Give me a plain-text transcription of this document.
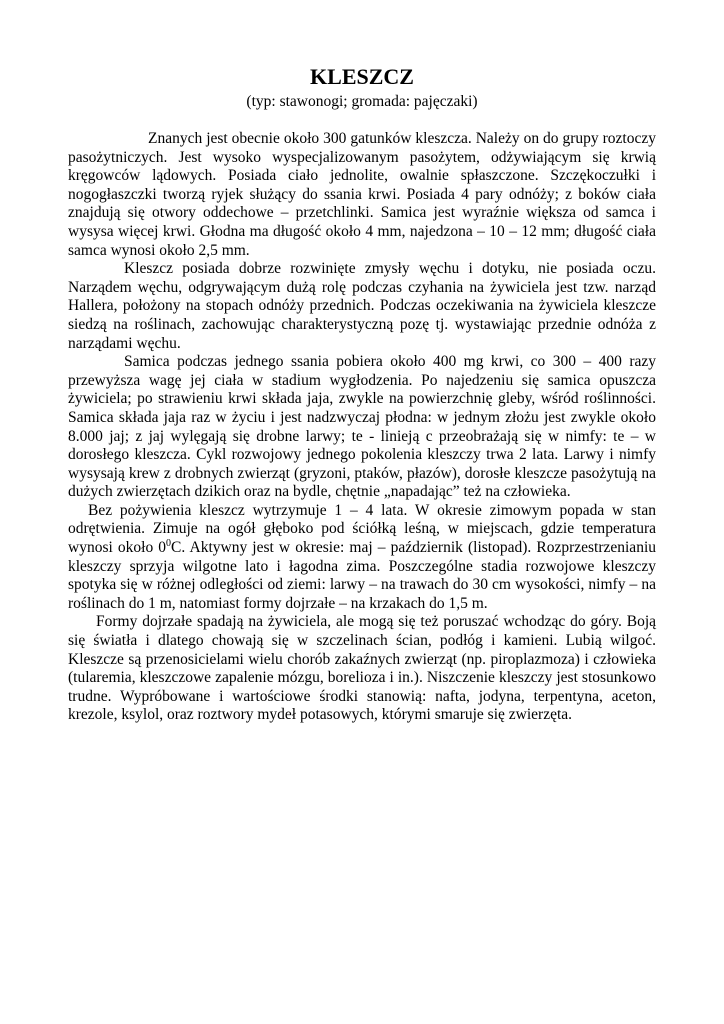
KLESZCZ
(typ: stawonogi; gromada: pajęczaki)

Znanych jest obecnie około 300 gatunków kleszcza. Należy on do grupy roztoczy pasożytniczych. Jest wysoko wyspecjalizowanym pasożytem, odżywiającym się krwią kręgowców lądowych. Posiada ciało jednolite, owalnie spłaszczone. Szczękoczułki i nogogłaszczki tworzą ryjek służący do ssania krwi. Posiada 4 pary odnóży; z boków ciała znajdują się otwory oddechowe – przetchlinki. Samica jest wyraźnie większa od samca i wysysa więcej krwi. Głodna ma długość około 4 mm, najedzona – 10 – 12 mm; długość ciała samca wynosi około 2,5 mm.

Kleszcz posiada dobrze rozwinięte zmysły węchu i dotyku, nie posiada oczu. Narządem węchu, odgrywającym dużą rolę podczas czyhania na żywiciela jest tzw. narząd Hallera, położony na stopach odnóży przednich. Podczas oczekiwania na żywiciela kleszcze siedzą na roślinach, zachowując charakterystyczną pozę tj. wystawiając przednie odnóża z narządami węchu.

Samica podczas jednego ssania pobiera około 400 mg krwi, co 300 – 400 razy przewyższa wagę jej ciała w stadium wygłodzenia. Po najedzeniu się samica opuszcza żywiciela; po strawieniu krwi składa jaja, zwykle na powierzchnię gleby, wśród roślinności. Samica składa jaja raz w życiu i jest nadzwyczaj płodna: w jednym złożu jest zwykle około 8.000 jaj; z jaj wylęgają się drobne larwy; te - linieją c przeobrażają się w nimfy: te – w dorosłego kleszcza. Cykl rozwojowy jednego pokolenia kleszczy trwa 2 lata. Larwy i nimfy wysysają krew z drobnych zwierząt (gryzoni, ptaków, płazów), dorosłe kleszcze pasożytują na dużych zwierzętach dzikich oraz na bydle, chętnie „napadając” też na człowieka.

Bez pożywienia kleszcz wytrzymuje 1 – 4 lata. W okresie zimowym popada w stan odrętwienia. Zimuje na ogół głęboko pod ściółką leśną, w miejscach, gdzie temperatura wynosi około $0^0C$. Aktywny jest w okresie: maj – październik (listopad). Rozprzestrzenianiu kleszczy sprzyja wilgotne lato i łagodna zima. Poszczególne stadia rozwojowe kleszczy spotyka się w różnej odległości od ziemi: larwy – na trawach do 30 cm wysokości, nimfy – na roślinach do 1 m, natomiast formy dojrzałe – na krzakach do 1,5 m.

Formy dojrzałe spadają na żywiciela, ale mogą się też poruszać wchodząc do góry. Boją się światła i dlatego chowają się w szczelinach ścian, podłóg i kamieni. Lubią wilgoć. Kleszcze są przenosicielami wielu chorób zakaźnych zwierząt (np. piroplazmoza) i człowieka (tularemia, kleszczowe zapalenie mózgu, borelioza i in.). Niszczenie kleszczy jest stosunkowo trudne. Wypróbowane i wartościowe środki stanowią: nafta, jodyna, terpentyna, aceton, krezole, ksylol, oraz roztwory mydeł potasowych, którymi smaruje się zwierzęta.
